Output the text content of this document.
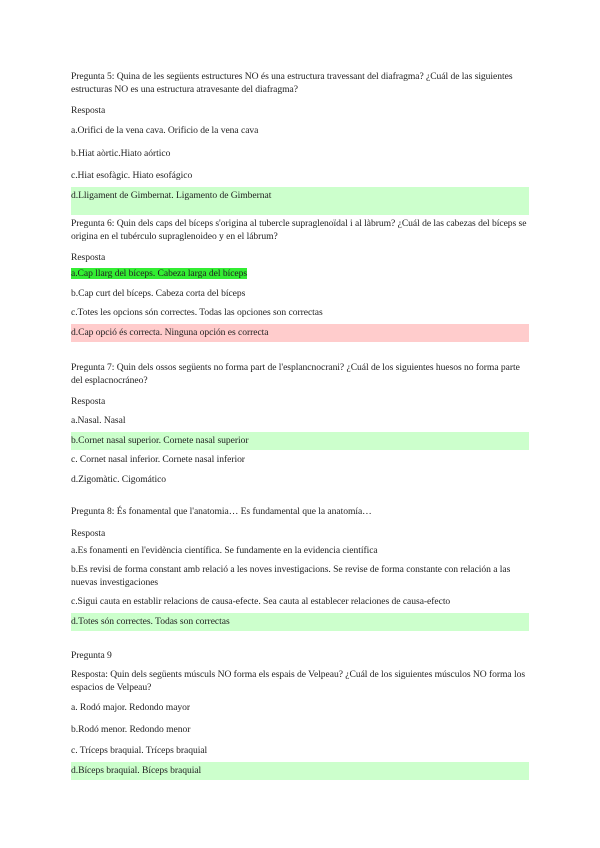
Pregunta 5: Quina de les següents estructures NO és una estructura travessant del diafragma? ¿Cuál de las siguientes estructuras NO es una estructura atravesante del diafragma?

Resposta

a.Orifici de la vena cava. Orificio de la vena cava

b.Hiat aòrtic.Hiato aórtico

c.Hiat esofàgic. Hiato esofágico

d.Lligament de Gimbernat. Ligamento de Gimbernat

Pregunta 6: Quin dels caps del bíceps s'origina al tubercle supraglenoïdal i al làbrum? ¿Cuál de las cabezas del bíceps se origina en el tubérculo supraglenoideo y en el lábrum?

Resposta

a.Cap llarg del bíceps. Cabeza larga del bíceps

b.Cap curt del bíceps. Cabeza corta del bíceps

c.Totes les opcions són correctes. Todas las opciones son correctas

d.Cap opció és correcta. Ninguna opción es correcta

Pregunta 7: Quin dels ossos següents no forma part de l'esplancnocrani? ¿Cuál de los siguientes huesos no forma parte del esplacnocráneo?

Resposta

a.Nasal. Nasal

b.Cornet nasal superior. Cornete nasal superior

c. Cornet nasal inferior. Cornete nasal inferior

d.Zigomàtic. Cigomático

Pregunta 8: És fonamental que l'anatomia… Es fundamental que la anatomía…

Resposta

a.Es fonamenti en l'evidència científica. Se fundamente en la evidencia científica

b.Es revisi de forma constant amb relació a les noves investigacions. Se revise de forma constante con relación a las nuevas investigaciones

c.Sigui cauta en establir relacions de causa-efecte. Sea cauta al establecer relaciones de causa-efecto

d.Totes són correctes. Todas son correctas

Pregunta 9

Resposta: Quin dels següents músculs NO forma els espais de Velpeau? ¿Cuál de los siguientes músculos NO forma los espacios de Velpeau?

a. Rodó major. Redondo mayor

b.Rodó menor. Redondo menor

c. Tríceps braquial. Tríceps braquial

d.Bíceps braquial. Bíceps braquial
